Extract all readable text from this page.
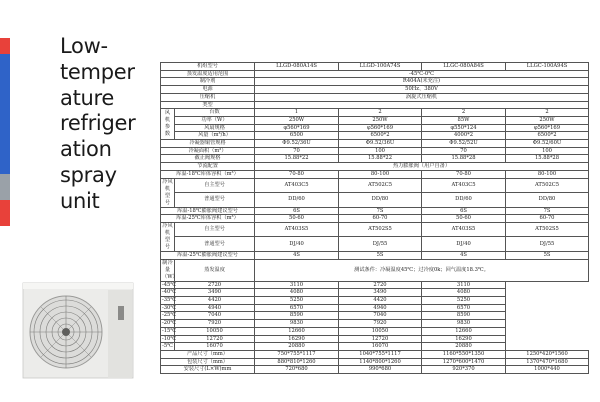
Low-
temper
ature
refriger
ation
spray
unit
机组型号		LLGD-080A14S	LLGD-100A74S	LLGC-080A84S	LLGC-100A94S
蒸发温度适用范围		-45℃-0℃			
制冷剂		R404A(未充注)			
电源		50Hz、380V			
压缩机		涡旋式压缩机			
类型					
风 机 参 数	台数	1	2	2	2
	功率（W）	250W	250W	85W	250W
	风扇规格	φ560*169	φ560*169	φ550*124	φ560*169
	风量（m³/h）	6500	6500*2	4000*2	6500*2
冷凝器铜管规格		Φ9.52/36U	Φ9.52/36U	Φ9.52/52U	Φ9.52/60U
冷凝面积（m²）		70	100	70	100
截止阀规格		15.88*22	15.88*22	15.88*28	15.88*28
节流配置		热力膨胀阀（用户自备）			
库温-18℃库体容积（m³）		70-80	80-100	70-80	80-100
冷风机 型 号	自主型号	AT403C5	AT502C5	AT403C5	AT502C5
	普通型号	DD/60	DD/80	DD/60	DD/80
库温-18℃膨胀阀建议型号		6S	7S	6S	7S
库温-25℃库体容积（m³）		50-60	60-70	50-60	60-70
冷风机 型 号	自主型号	AT403S5	AT502S5	AT403S5	AT502S5
	普通型号	DJ/40	DJ/55	DJ/40	DJ/55
库温-25℃膨胀阀建议型号		4S	5S	4S	5S
制冷量（W）	蒸发温度	测试条件：冷凝温度45℃；过冷度0k；回气温度18.3℃。			
-45℃	2720	3110	2720	3110	
-40℃	3490	4080	3490	4080	
-35℃	4420	5250	4420	5250	
-30℃	4940	6570	4940	6570	
-25℃	7040	8590	7040	8590	
-20℃	7920	9830	7920	9830	
-15℃	10050	12660	10050	12660	
-10℃	12720	16290	12720	16290	
-5℃	16070	20880	16070	20880	
产品尺寸（mm）		750*755*1117	1040*755*1117	1160*550*1350	1250*420*1560
包装尺寸（mm）		880*810*1260	1140*800*1260	1270*600*1470	1370*470*1680
安装尺寸(L×W)mm		720*680	990*680	920*370	1000*440
